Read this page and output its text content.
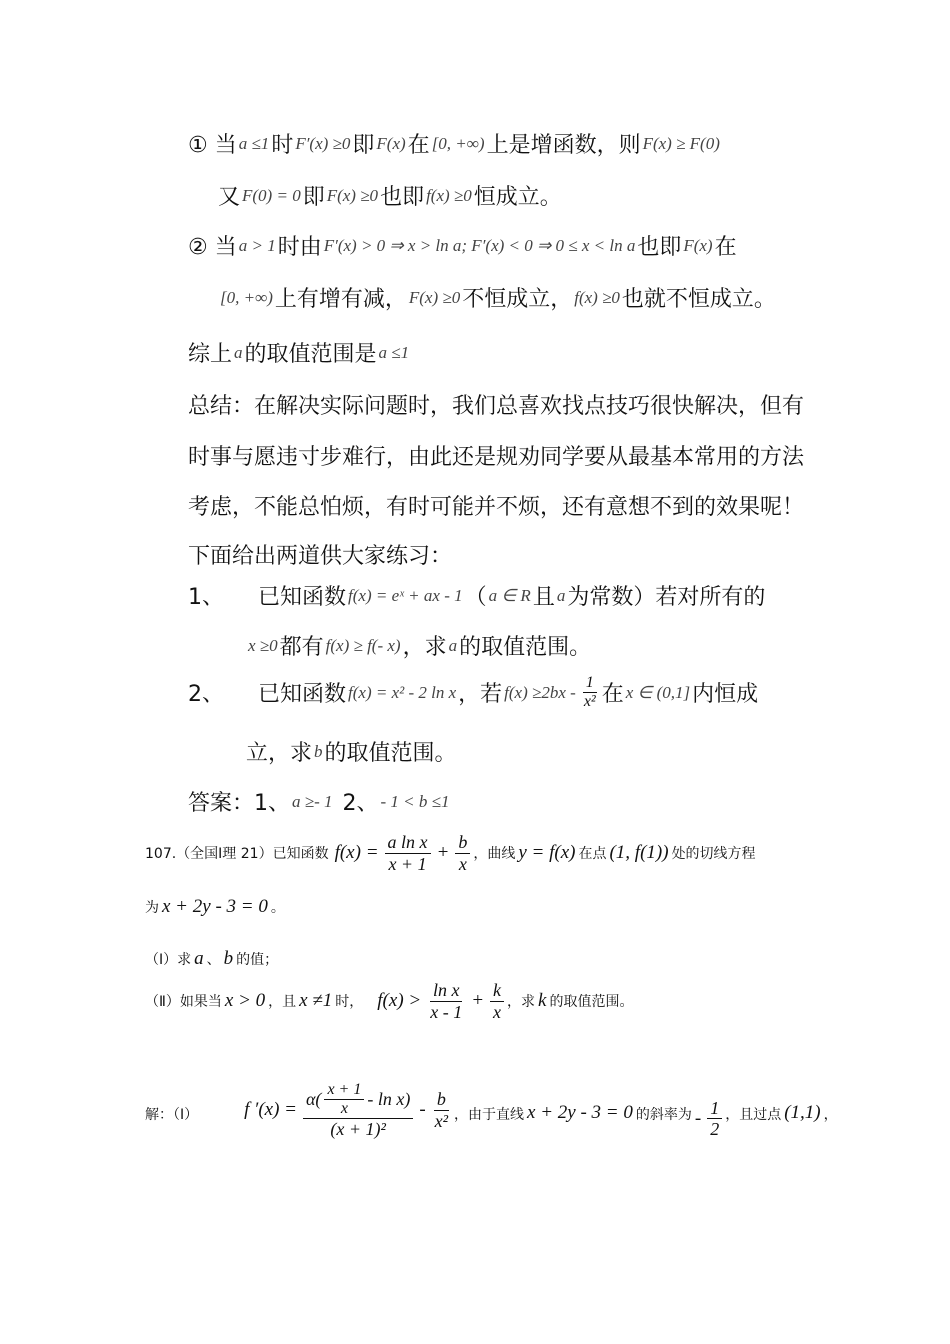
① 当 a ≤1 时 F′(x) ≥0 即 F(x) 在 [0, +∞) 上是增函数，则 F(x) ≥ F(0)
又 F(0) = 0 即 F(x) ≥0 也即 f(x) ≥0 恒成立。
② 当 a > 1 时由 F′(x) > 0 ⇒ x > ln a; F′(x) < 0 ⇒ 0 ≤ x < ln a 也即 F(x) 在
[0, +∞) 上有增有减， F(x) ≥0 不恒成立， f(x) ≥0 也就不恒成立。
综上 a 的取值范围是 a ≤1
总结：在解决实际问题时，我们总喜欢找点技巧很快解决，但有
时事与愿违寸步难行，由此还是规劝同学要从最基本常用的方法
考虑，不能总怕烦，有时可能并不烦，还有意想不到的效果呢！
下面给出两道供大家练习：
1、 已知函数 f(x) = eˣ + ax - 1 （ a ∈ R 且 a 为常数）若对所有的
x ≥0 都有 f(x) ≥ f(- x) ，求 a 的取值范围。
2、 已知函数 f(x) = x² - 2 ln x ，若 $f(x) \ge 2bx - \frac{1}{\text{x²}}$ 在 x ∈ (0,1] 内恒成
立，求 b 的取值范围。
答案：1、 a ≥- 1 2、 - 1 < b ≤1
107.（全国Ⅰ理 21）已知函数 $f(x) = \frac{\text{a ln x}}{x + 1} + \frac{b}{x}$ ，曲线 y = f(x) 在点 (1, f(1)) 处的切线方程
为 x + 2y - 3 = 0 。
（Ⅰ）求 a 、 b 的值；
（Ⅱ）如果当 x > 0 ，且 x ≠1 时， $f(x) > \frac{\text{ln x}}{x - 1} + \frac{k}{x}$ ，求 k 的取值范围。
解：（Ⅰ） f ′(x) =
$\alpha( \frac{x + 1}{x}$ - ln x)
(x + 1)²
- $\frac{b}{\text{x²}}$ ，由于直线 x + 2y - 3 = 0 的斜率为 - $\frac{1}{2}$ ，且过点 (1,1) ，
